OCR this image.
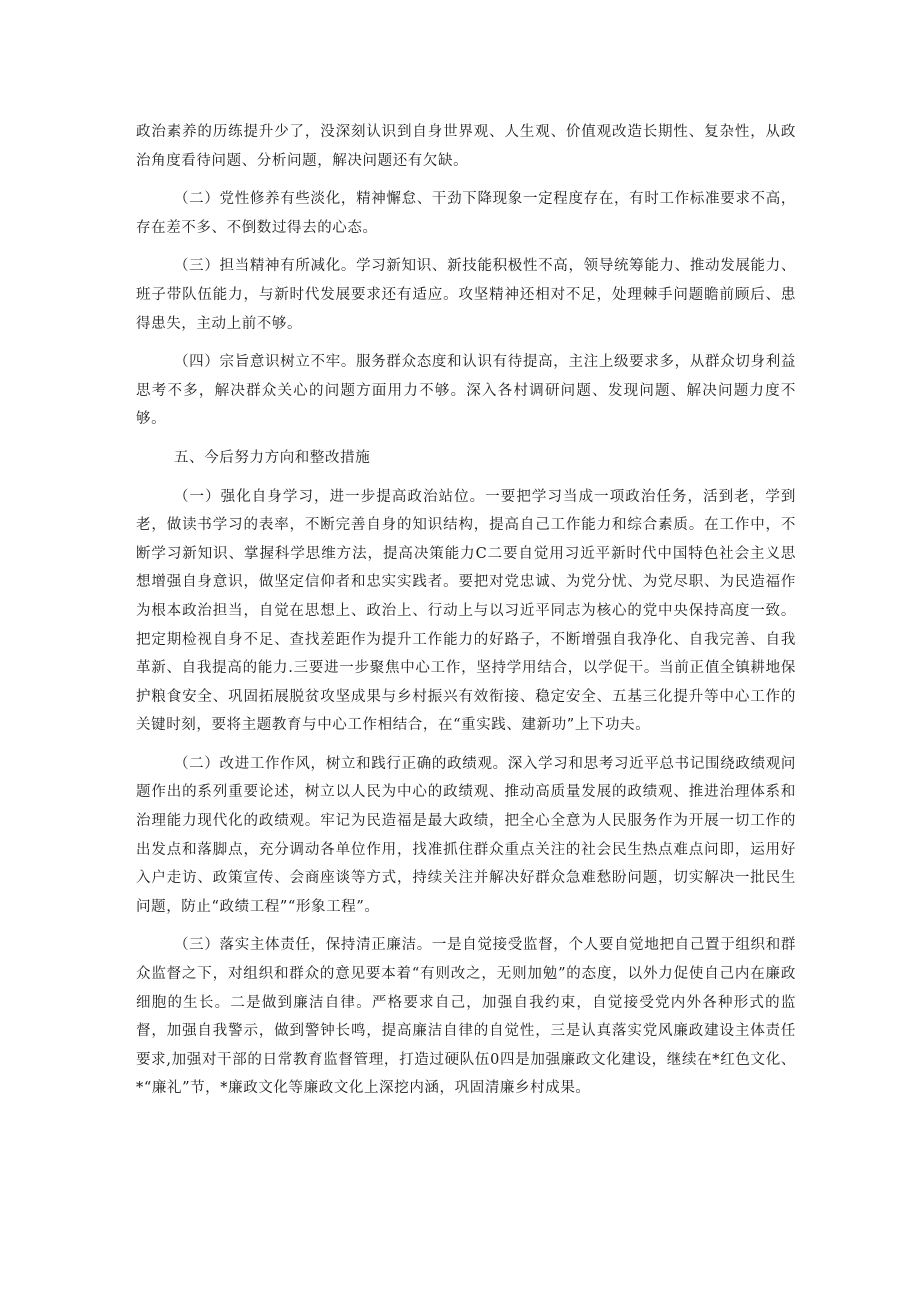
政治素养的历练提升少了，没深刻认识到自身世界观、人生观、价值观改造长期性、复杂性，从政治角度看待问题、分析问题，解决问题还有欠缺。

（二）党性修养有些淡化，精神懈怠、干劲下降现象一定程度存在，有时工作标准要求不高，存在差不多、不倒数过得去的心态。

（三）担当精神有所减化。学习新知识、新技能积极性不高，领导统筹能力、推动发展能力、班子带队伍能力，与新时代发展要求还有适应。攻坚精神还相对不足，处理棘手问题瞻前顾后、患得患失，主动上前不够。

（四）宗旨意识树立不牢。服务群众态度和认识有待提高，主注上级要求多，从群众切身利益思考不多，解决群众关心的问题方面用力不够。深入各村调研问题、发现问题、解决问题力度不够。

五、今后努力方向和整改措施

（一）强化自身学习，进一步提高政治站位。一要把学习当成一项政治任务，活到老，学到老，做读书学习的表率，不断完善自身的知识结构，提高自己工作能力和综合素质。在工作中，不断学习新知识、掌握科学思维方法，提高决策能力C二要自觉用习近平新时代中国特色社会主义思想增强自身意识，做坚定信仰者和忠实实践者。要把对党忠诚、为党分忧、为党尽职、为民造福作为根本政治担当，自觉在思想上、政治上、行动上与以习近平同志为核心的党中央保持高度一致。把定期检视自身不足、查找差距作为提升工作能力的好路子，不断增强自我净化、自我完善、自我革新、自我提高的能力.三要进一步聚焦中心工作，坚持学用结合，以学促干。当前正值全镇耕地保护粮食安全、巩固拓展脱贫攻坚成果与乡村振兴有效衔接、稳定安全、五基三化提升等中心工作的关键时刻，要将主题教育与中心工作相结合，在“重实践、建新功”上下功夫。

（二）改进工作作风，树立和践行正确的政绩观。深入学习和思考习近平总书记围绕政绩观问题作出的系列重要论述，树立以人民为中心的政绩观、推动高质量发展的政绩观、推进治理体系和治理能力现代化的政绩观。牢记为民造福是最大政绩，把全心全意为人民服务作为开展一切工作的出发点和落脚点，充分调动各单位作用，找准抓住群众重点关注的社会民生热点难点问即，运用好入户走访、政策宣传、会商座谈等方式，持续关注并解决好群众急难愁盼问题，切实解决一批民生问题，防止“政绩工程”“形象工程”。

（三）落实主体责任，保持清正廉洁。一是自觉接受监督，个人要自觉地把自己置于组织和群众监督之下，对组织和群众的意见要本着“有则改之，无则加勉”的态度，以外力促使自己内在廉政细胞的生长。二是做到廉洁自律。严格要求自己，加强自我约束，自觉接受党内外各种形式的监督，加强自我警示，做到警钟长鸣，提高廉洁自律的自觉性，三是认真落实党风廉政建设主体责任要求,加强对干部的日常教育监督管理，打造过硬队伍0四是加强廉政文化建设，继续在*红色文化、*“廉礼”节，*廉政文化等廉政文化上深挖内涵，巩固清廉乡村成果。
